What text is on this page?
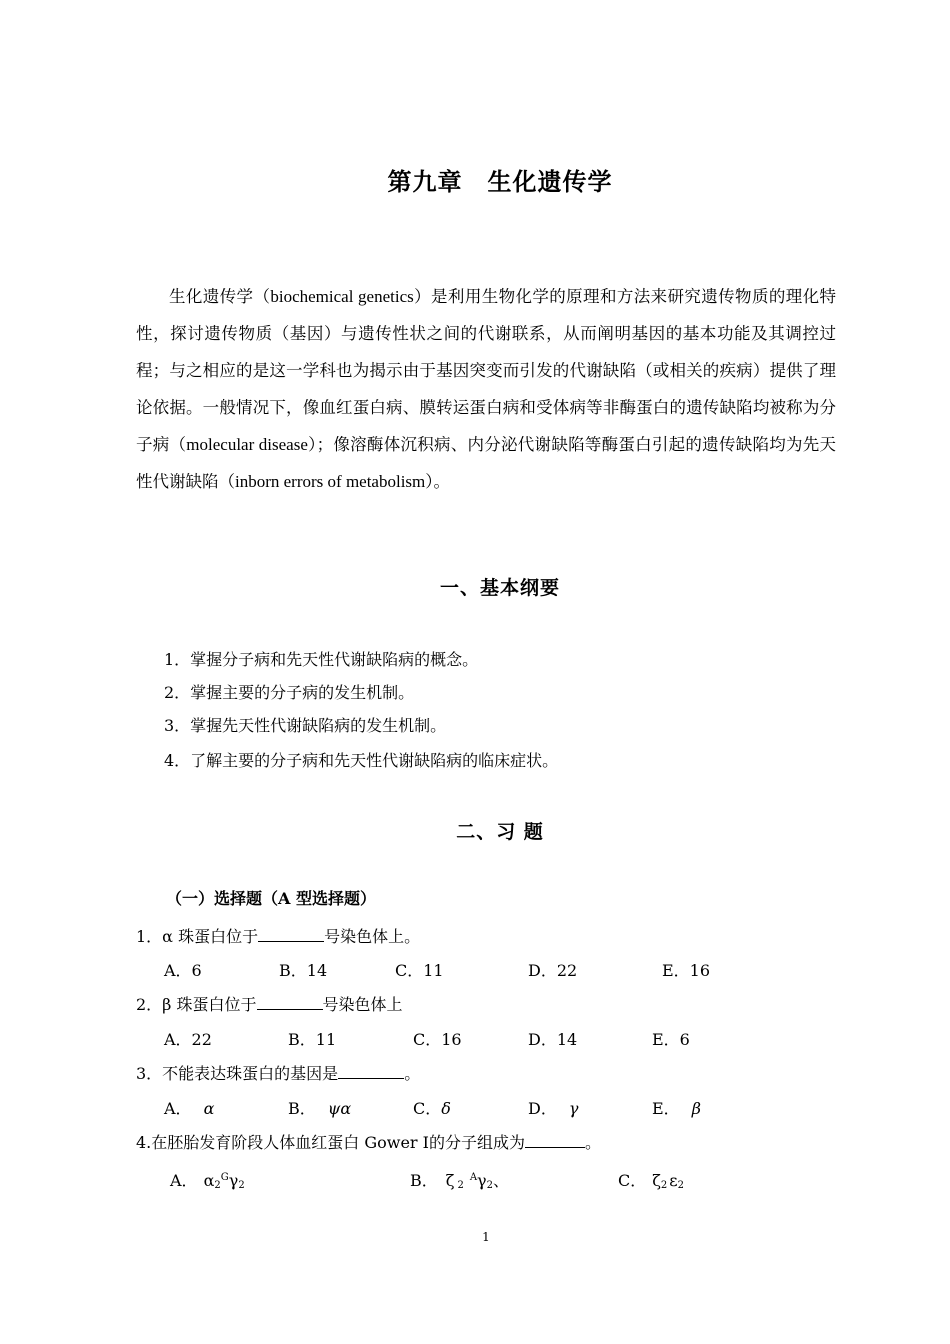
第九章　生化遗传学

生化遗传学（biochemical genetics）是利用生物化学的原理和方法来研究遗传物质的理化特性，探讨遗传物质（基因）与遗传性状之间的代谢联系，从而阐明基因的基本功能及其调控过程；与之相应的是这一学科也为揭示由于基因突变而引发的代谢缺陷（或相关的疾病）提供了理论依据。一般情况下，像血红蛋白病、膜转运蛋白病和受体病等非酶蛋白的遗传缺陷均被称为分子病（molecular disease）；像溶酶体沉积病、内分泌代谢缺陷等酶蛋白引起的遗传缺陷均为先天性代谢缺陷（inborn errors of metabolism）。

一、基本纲要
1．掌握分子病和先天性代谢缺陷病的概念。
2．掌握主要的分子病的发生机制。
3．掌握先天性代谢缺陷病的发生机制。
4．了解主要的分子病和先天性代谢缺陷病的临床症状。
二、习 题
（一）选择题（A 型选择题）
1．α 珠蛋白位于	号染色体上。
A．6	B．14	C．11	D．22	E．16
2．β 珠蛋白位于	号染色体上
A．22	B．11	C．16	D．14	E．6
3．不能表达珠蛋白的基因是	。
A． α	B． ψα	C．δ	D． γ	E． β
4.在胚胎发育阶段人体血红蛋白 Gower Ⅰ的分子组成为	。
A． $\alpha 2^G\gamma 2$	B． ζ $2^A\gamma 2$、	C． ζ2 ε2
1
